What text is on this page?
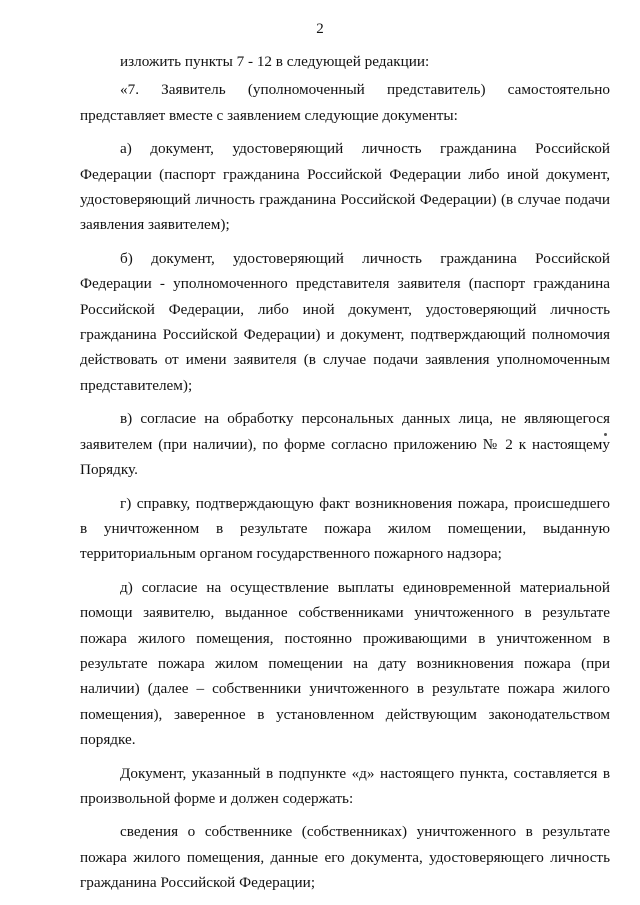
2

изложить пункты 7 - 12 в следующей редакции:

«7. Заявитель (уполномоченный представитель) самостоятельно представляет вместе с заявлением следующие документы:

а) документ, удостоверяющий личность гражданина Российской Федерации (паспорт гражданина Российской Федерации либо иной документ, удостоверяющий личность гражданина Российской Федерации) (в случае подачи заявления заявителем);

б) документ, удостоверяющий личность гражданина Российской Федерации - уполномоченного представителя заявителя (паспорт гражданина Российской Федерации, либо иной документ, удостоверяющий личность гражданина Российской Федерации) и документ, подтверждающий полномочия действовать от имени заявителя (в случае подачи заявления уполномоченным представителем);

в) согласие на обработку персональных данных лица, не являющегося заявителем (при наличии), по форме согласно приложению № 2 к настоящему Порядку.

г) справку, подтверждающую факт возникновения пожара, происшедшего в уничтоженном в результате пожара жилом помещении, выданную территориальным органом государственного пожарного надзора;

д) согласие на осуществление выплаты единовременной материальной помощи заявителю, выданное собственниками уничтоженного в результате пожара жилого помещения, постоянно проживающими в уничтоженном в результате пожара жилом помещении на дату возникновения пожара (при наличии) (далее – собственники уничтоженного в результате пожара жилого помещения), заверенное в установленном действующим законодательством порядке.

Документ, указанный в подпункте «д» настоящего пункта, составляется в произвольной форме и должен содержать:

сведения о собственнике (собственниках) уничтоженного в результате пожара жилого помещения, данные его документа, удостоверяющего личность гражданина Российской Федерации;
